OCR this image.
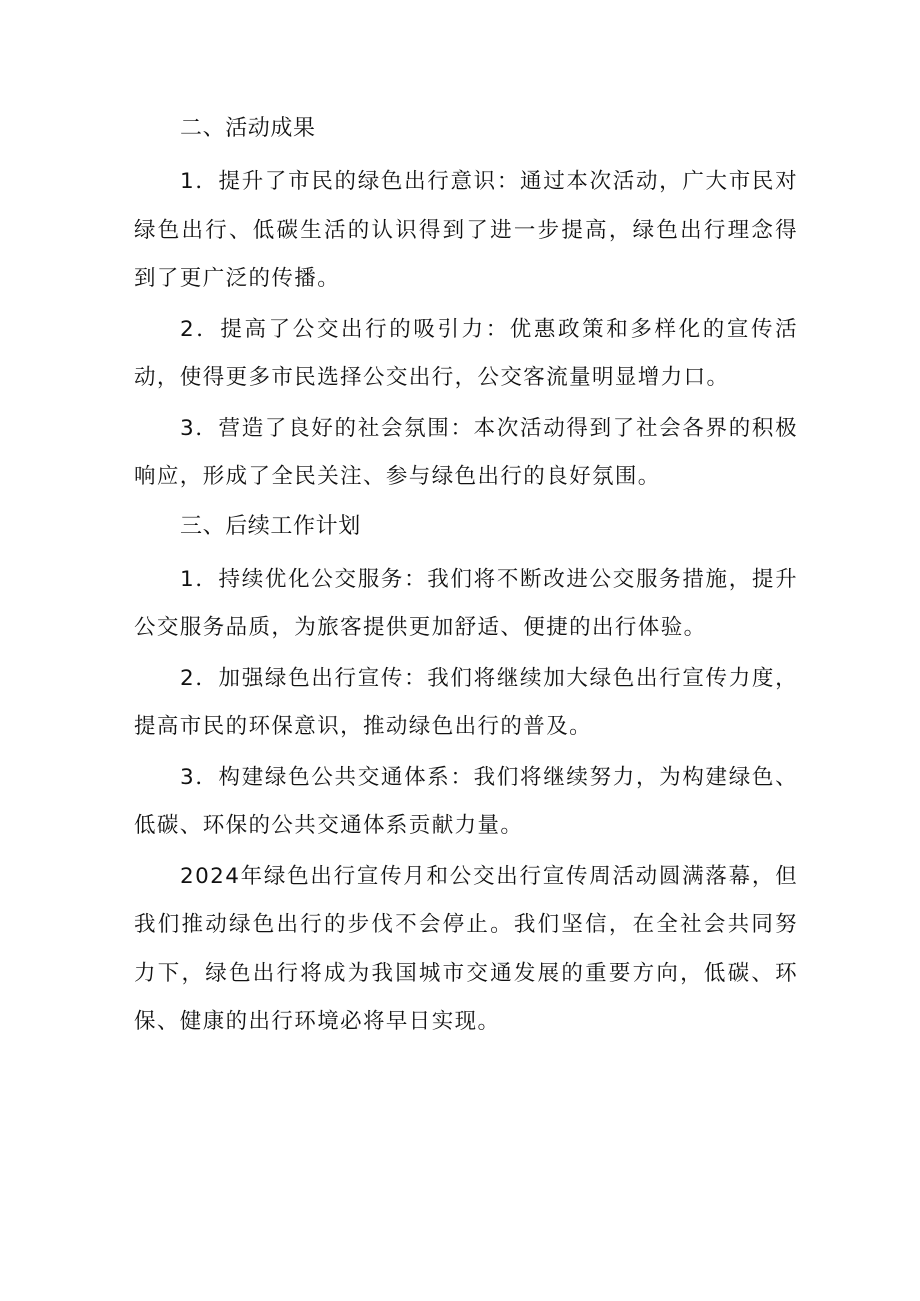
二、活动成果

1．提升了市民的绿色出行意识：通过本次活动，广大市民对绿色出行、低碳生活的认识得到了进一步提高，绿色出行理念得到了更广泛的传播。

2．提高了公交出行的吸引力：优惠政策和多样化的宣传活动，使得更多市民选择公交出行，公交客流量明显增力口。

3．营造了良好的社会氛围：本次活动得到了社会各界的积极响应，形成了全民关注、参与绿色出行的良好氛围。

三、后续工作计划

1．持续优化公交服务：我们将不断改进公交服务措施，提升公交服务品质，为旅客提供更加舒适、便捷的出行体验。

2．加强绿色出行宣传：我们将继续加大绿色出行宣传力度，提高市民的环保意识，推动绿色出行的普及。

3．构建绿色公共交通体系：我们将继续努力，为构建绿色、低碳、环保的公共交通体系贡献力量。

2024年绿色出行宣传月和公交出行宣传周活动圆满落幕，但我们推动绿色出行的步伐不会停止。我们坚信，在全社会共同努力下，绿色出行将成为我国城市交通发展的重要方向，低碳、环保、健康的出行环境必将早日实现。
